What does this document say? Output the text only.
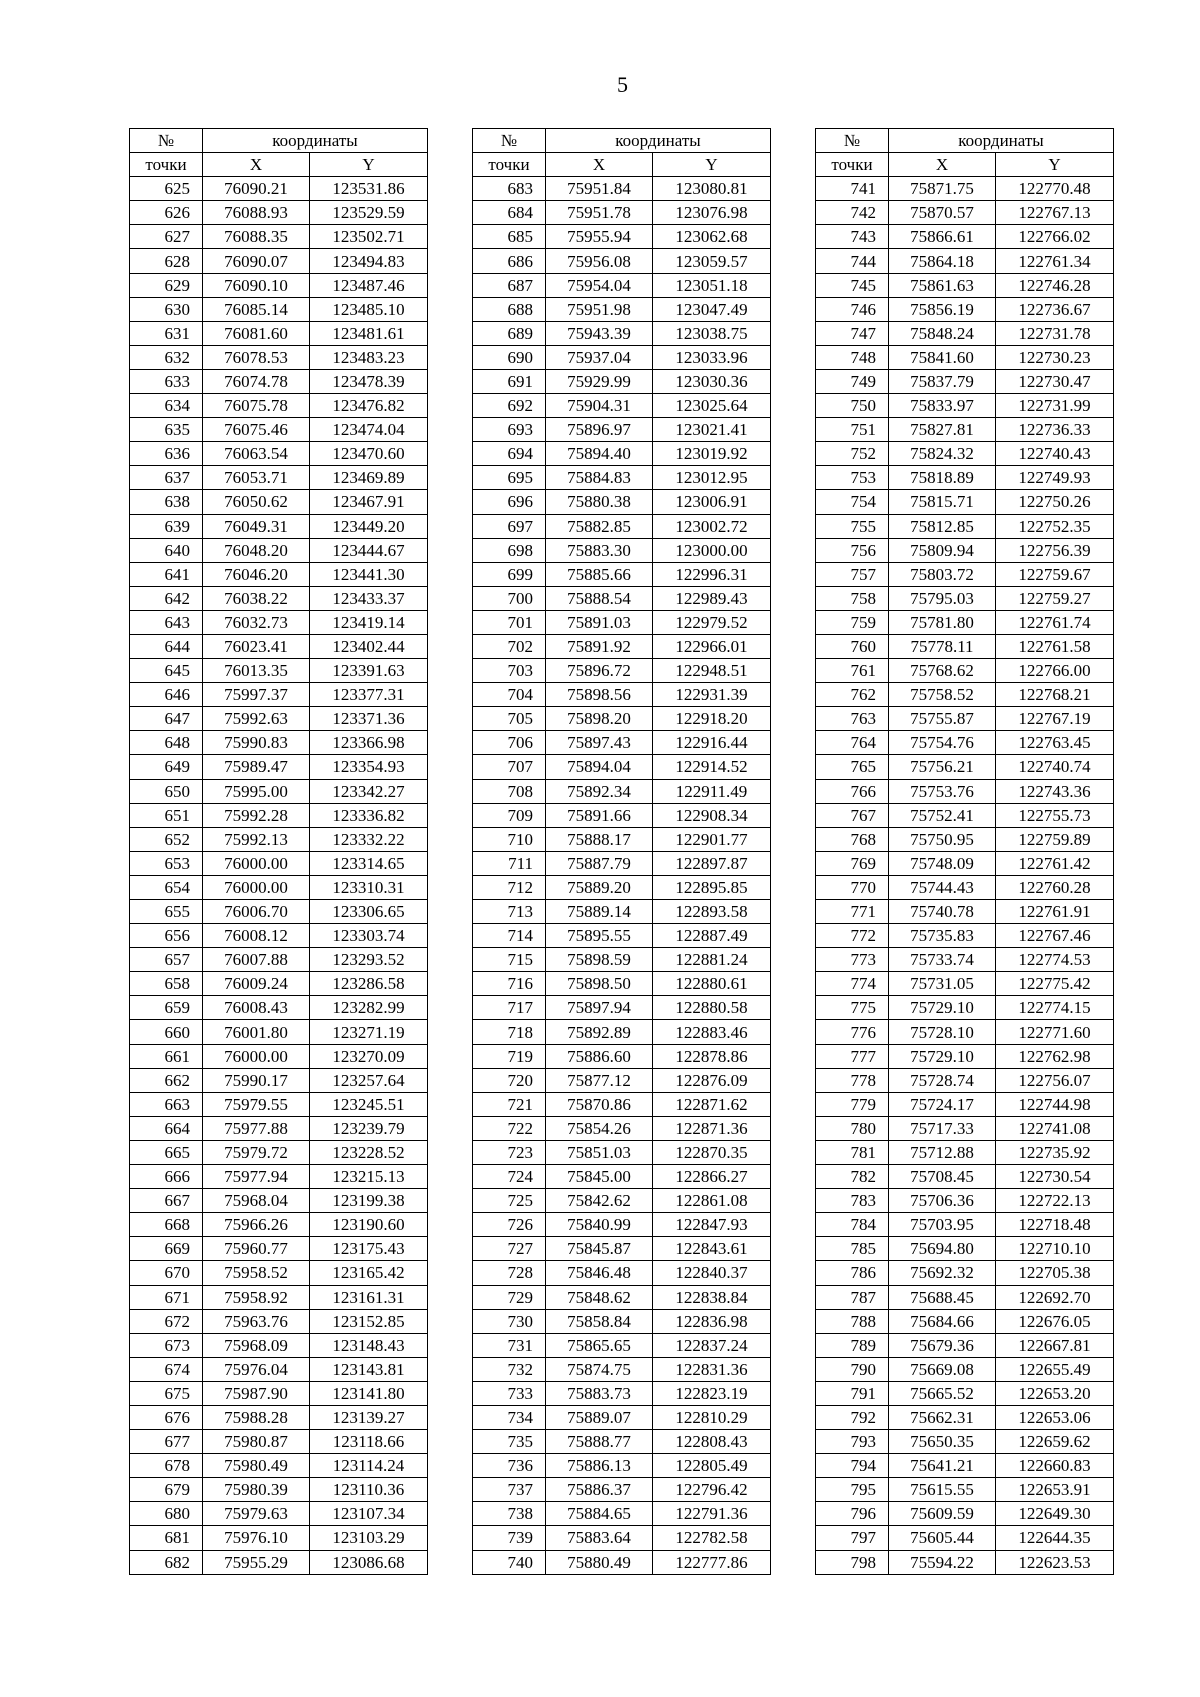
5
№	координаты	
точки	X	Y
625	76090.21	123531.86
626	76088.93	123529.59
627	76088.35	123502.71
628	76090.07	123494.83
629	76090.10	123487.46
630	76085.14	123485.10
631	76081.60	123481.61
632	76078.53	123483.23
633	76074.78	123478.39
634	76075.78	123476.82
635	76075.46	123474.04
636	76063.54	123470.60
637	76053.71	123469.89
638	76050.62	123467.91
639	76049.31	123449.20
640	76048.20	123444.67
641	76046.20	123441.30
642	76038.22	123433.37
643	76032.73	123419.14
644	76023.41	123402.44
645	76013.35	123391.63
646	75997.37	123377.31
647	75992.63	123371.36
648	75990.83	123366.98
649	75989.47	123354.93
650	75995.00	123342.27
651	75992.28	123336.82
652	75992.13	123332.22
653	76000.00	123314.65
654	76000.00	123310.31
655	76006.70	123306.65
656	76008.12	123303.74
657	76007.88	123293.52
658	76009.24	123286.58
659	76008.43	123282.99
660	76001.80	123271.19
661	76000.00	123270.09
662	75990.17	123257.64
663	75979.55	123245.51
664	75977.88	123239.79
665	75979.72	123228.52
666	75977.94	123215.13
667	75968.04	123199.38
668	75966.26	123190.60
669	75960.77	123175.43
670	75958.52	123165.42
671	75958.92	123161.31
672	75963.76	123152.85
673	75968.09	123148.43
674	75976.04	123143.81
675	75987.90	123141.80
676	75988.28	123139.27
677	75980.87	123118.66
678	75980.49	123114.24
679	75980.39	123110.36
680	75979.63	123107.34
681	75976.10	123103.29
682	75955.29	123086.68
№	координаты	
точки	X	Y
683	75951.84	123080.81
684	75951.78	123076.98
685	75955.94	123062.68
686	75956.08	123059.57
687	75954.04	123051.18
688	75951.98	123047.49
689	75943.39	123038.75
690	75937.04	123033.96
691	75929.99	123030.36
692	75904.31	123025.64
693	75896.97	123021.41
694	75894.40	123019.92
695	75884.83	123012.95
696	75880.38	123006.91
697	75882.85	123002.72
698	75883.30	123000.00
699	75885.66	122996.31
700	75888.54	122989.43
701	75891.03	122979.52
702	75891.92	122966.01
703	75896.72	122948.51
704	75898.56	122931.39
705	75898.20	122918.20
706	75897.43	122916.44
707	75894.04	122914.52
708	75892.34	122911.49
709	75891.66	122908.34
710	75888.17	122901.77
711	75887.79	122897.87
712	75889.20	122895.85
713	75889.14	122893.58
714	75895.55	122887.49
715	75898.59	122881.24
716	75898.50	122880.61
717	75897.94	122880.58
718	75892.89	122883.46
719	75886.60	122878.86
720	75877.12	122876.09
721	75870.86	122871.62
722	75854.26	122871.36
723	75851.03	122870.35
724	75845.00	122866.27
725	75842.62	122861.08
726	75840.99	122847.93
727	75845.87	122843.61
728	75846.48	122840.37
729	75848.62	122838.84
730	75858.84	122836.98
731	75865.65	122837.24
732	75874.75	122831.36
733	75883.73	122823.19
734	75889.07	122810.29
735	75888.77	122808.43
736	75886.13	122805.49
737	75886.37	122796.42
738	75884.65	122791.36
739	75883.64	122782.58
740	75880.49	122777.86
№	координаты	
точки	X	Y
741	75871.75	122770.48
742	75870.57	122767.13
743	75866.61	122766.02
744	75864.18	122761.34
745	75861.63	122746.28
746	75856.19	122736.67
747	75848.24	122731.78
748	75841.60	122730.23
749	75837.79	122730.47
750	75833.97	122731.99
751	75827.81	122736.33
752	75824.32	122740.43
753	75818.89	122749.93
754	75815.71	122750.26
755	75812.85	122752.35
756	75809.94	122756.39
757	75803.72	122759.67
758	75795.03	122759.27
759	75781.80	122761.74
760	75778.11	122761.58
761	75768.62	122766.00
762	75758.52	122768.21
763	75755.87	122767.19
764	75754.76	122763.45
765	75756.21	122740.74
766	75753.76	122743.36
767	75752.41	122755.73
768	75750.95	122759.89
769	75748.09	122761.42
770	75744.43	122760.28
771	75740.78	122761.91
772	75735.83	122767.46
773	75733.74	122774.53
774	75731.05	122775.42
775	75729.10	122774.15
776	75728.10	122771.60
777	75729.10	122762.98
778	75728.74	122756.07
779	75724.17	122744.98
780	75717.33	122741.08
781	75712.88	122735.92
782	75708.45	122730.54
783	75706.36	122722.13
784	75703.95	122718.48
785	75694.80	122710.10
786	75692.32	122705.38
787	75688.45	122692.70
788	75684.66	122676.05
789	75679.36	122667.81
790	75669.08	122655.49
791	75665.52	122653.20
792	75662.31	122653.06
793	75650.35	122659.62
794	75641.21	122660.83
795	75615.55	122653.91
796	75609.59	122649.30
797	75605.44	122644.35
798	75594.22	122623.53
